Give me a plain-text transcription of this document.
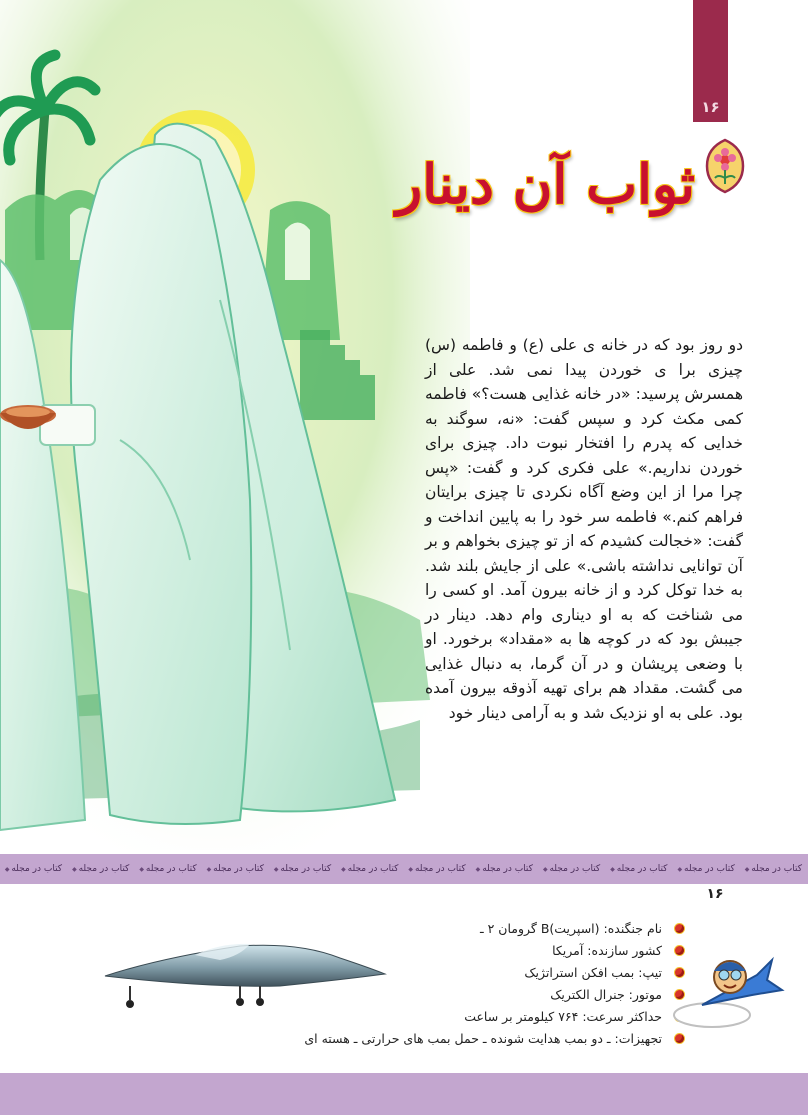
۱۶
ثواب آن دینار

دو روز بود که در خانه ی علی (ع) و فاطمه (س) چیزی برا ی خوردن پیدا نمی شد. علی از همسرش پرسید: «در خانه غذایی هست؟» فاطمه کمی مکث کرد و سپس گفت: «نه، سوگند به خدایی که پدرم را افتخار نبوت داد. چیزی برای خوردن نداریم.» علی فکری کرد و گفت: «پس چرا مرا از این وضع آگاه نکردی تا چیزی برایتان فراهم کنم.» فاطمه سر خود را به پایین انداخت و گفت: «خجالت کشیدم که از تو چیزی بخواهم و بر آن توانایی نداشته باشی.» علی از جایش بلند شد. به خدا توکل کرد و از خانه بیرون آمد. او کسی را می شناخت که به او دیناری وام دهد. دینار در جیبش بود که در کوچه ها به «مقداد» برخورد. او با وضعی پریشان و در آن گرما، به دنبال غذایی می گشت. مقداد هم برای تهیه آذوقه بیرون آمده بود. علی به او نزدیک شد و به آرامی دینار خود

کتاب در مجله ◆کتاب در مجله ◆کتاب در مجله ◆کتاب در مجله ◆کتاب در مجله ◆کتاب در مجله ◆کتاب در مجله ◆کتاب در مجله ◆کتاب در مجله ◆کتاب در مجله ◆کتاب در مجله ◆کتاب در مجله ◆
۱۶
نام جنگنده: (اسپریت)B گرومان ۲ ـ
کشور سازنده: آمریکا
تیپ: بمب افکن استراتژیک
موتور: جنرال الکتریک
حداکثر سرعت: ۷۶۴ کیلومتر بر ساعت
تجهیزات: ـ دو بمب هدایت شونده ـ حمل بمب های حرارتی ـ هسته ای
